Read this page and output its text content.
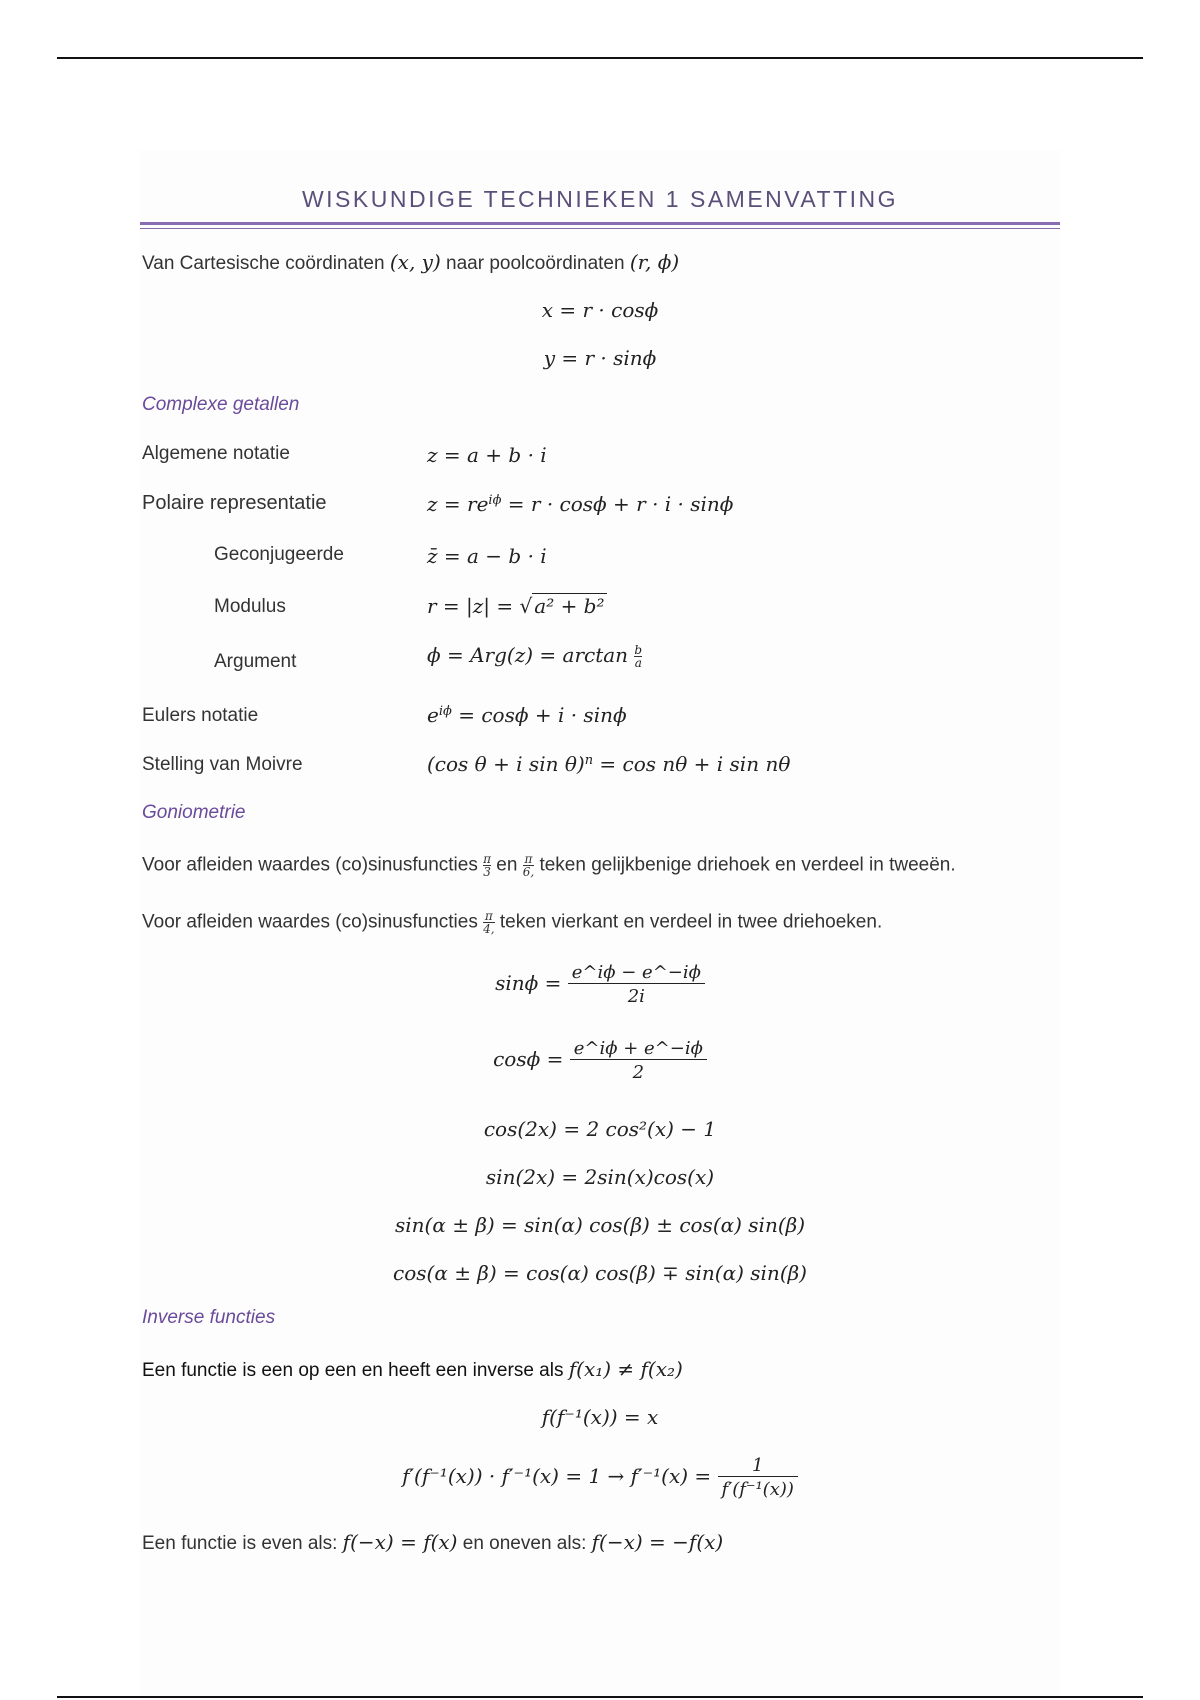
WISKUNDIGE TECHNIEKEN 1 SAMENVATTING
Van Cartesische coördinaten (x, y) naar poolcoördinaten (r, ϕ)
x = r · cosϕ
y = r · sinϕ
Complexe getallen
Algemene notatie	z = a + b · i
Polaire representatie	$z = re^{i\phi} = r \cdot \cos\phi + r \cdot i \cdot \sin\phi$
Geconjugeerde	z̄ = a − b · i
Modulus	r = |z| = √ a² + b²
Argument	$\phi = Arg(z) = \arctan \frac{b}{a}$
Eulers notatie	$e^{i\phi} = \cos\phi + i \cdot \sin\phi$
Stelling van Moivre	(cos θ + i sin θ)$^n$ = cos nθ + i sin nθ
Goniometrie
Voor afleiden waardes (co)sinusfuncties $\frac{\pi}{3}$ en $\frac{\pi}{6,}$ teken gelijkbenige driehoek en verdeel in tweeën.
Voor afleiden waardes (co)sinusfuncties $\frac{\pi}{4,}$ teken vierkant en verdeel in twee driehoeken.
$\sin\phi = \frac{e\^{}i\phi - e\^{}-i\phi}{2i}$
$\cos\phi = \frac{e\^{}i\phi + e\^{}-i\phi}{2}$
cos(2x) = 2 cos²(x) − 1
sin(2x) = 2sin(x)cos(x)
sin(α ± β) = sin(α) cos(β) ± cos(α) sin(β)
cos(α ± β) = cos(α) cos(β) ∓ sin(α) sin(β)
Inverse functies
Een functie is een op een en heeft een inverse als f(x₁) ≠ f(x₂)
f(f⁻¹(x)) = x
$f'(f^{-1}(x)) \cdot f'^{-1}(x) = 1 \to f'^{-1}(x) = \frac{1}{\text{f′(f⁻¹(x))}}$
Een functie is even als: f(−x) = f(x) en oneven als: f(−x) = −f(x)
